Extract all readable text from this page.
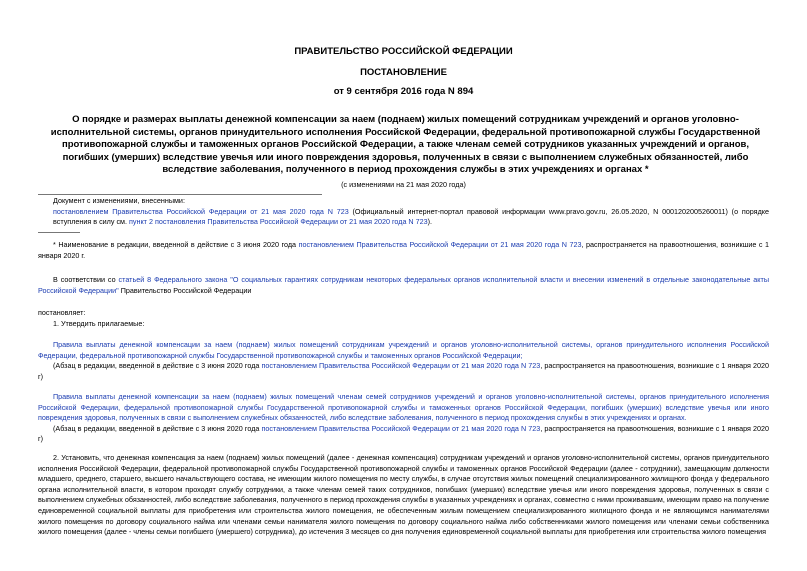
ПРАВИТЕЛЬСТВО РОССИЙСКОЙ ФЕДЕРАЦИИ
ПОСТАНОВЛЕНИЕ
от 9 сентября 2016 года N 894

О порядке и размерах выплаты денежной компенсации за наем (поднаем) жилых помещений сотрудникам учреждений и органов уголовно-исполнительной системы, органов принудительного исполнения Российской Федерации, федеральной противопожарной службы Государственной противопожарной службы и таможенных органов Российской Федерации, а также членам семей сотрудников указанных учреждений и органов, погибших (умерших) вследствие увечья или иного повреждения здоровья, полученных в связи с выполнением служебных обязанностей, либо вследствие заболевания, полученного в период прохождения службы в этих учреждениях и органах *

(с изменениями на 21 мая 2020 года)

Документ с изменениями, внесенными:

постановлением Правительства Российской Федерации от 21 мая 2020 года N 723 (Официальный интернет-портал правовой информации www.pravo.gov.ru, 26.05.2020, N 0001202005260011) (о порядке вступления в силу см. пункт 2 постановления Правительства Российской Федерации от 21 мая 2020 года N 723).

* Наименование в редакции, введенной в действие с 3 июня 2020 года постановлением Правительства Российской Федерации от 21 мая 2020 года N 723, распространяется на правоотношения, возникшие с 1 января 2020 г.
В соответствии со статьей 8 Федерального закона "О социальных гарантиях сотрудникам некоторых федеральных органов исполнительной власти и внесении изменений в отдельные законодательные акты Российской Федерации" Правительство Российской Федерации
постановляет:
1. Утвердить прилагаемые:

Правила выплаты денежной компенсации за наем (поднаем) жилых помещений сотрудникам учреждений и органов уголовно-исполнительной системы, органов принудительного исполнения Российской Федерации, федеральной противопожарной службы Государственной противопожарной службы и таможенных органов Российской Федерации;

(Абзац в редакции, введенной в действие с 3 июня 2020 года постановлением Правительства Российской Федерации от 21 мая 2020 года N 723, распространяется на правоотношения, возникшие с 1 января 2020 г)

Правила выплаты денежной компенсации за наем (поднаем) жилых помещений членам семей сотрудников учреждений и органов уголовно-исполнительной системы, органов принудительного исполнения Российской Федерации, федеральной противопожарной службы Государственной противопожарной службы и таможенных органов Российской Федерации, погибших (умерших) вследствие увечья или иного повреждения здоровья, полученных в связи с выполнением служебных обязанностей, либо вследствие заболевания, полученного в период прохождения службы в этих учреждениях и органах.

(Абзац в редакции, введенной в действие с 3 июня 2020 года постановлением Правительства Российской Федерации от 21 мая 2020 года N 723, распространяется на правоотношения, возникшие с 1 января 2020 г)

2. Установить, что денежная компенсация за наем (поднаем) жилых помещений (далее - денежная компенсация) сотрудникам учреждений и органов уголовно-исполнительной системы, органов принудительного исполнения Российской Федерации, федеральной противопожарной службы Государственной противопожарной службы и таможенных органов Российской Федерации (далее - сотрудники), замещающим должности младшего, среднего, старшего, высшего начальствующего состава, не имеющим жилого помещения по месту службы, в случае отсутствия жилых помещений специализированного жилищного фонда у федерального органа исполнительной власти, в котором проходят службу сотрудники, а также членам семей таких сотрудников, погибших (умерших) вследствие увечья или иного повреждения здоровья, полученных в связи с выполнением служебных обязанностей, либо вследствие заболевания, полученного в период прохождения службы в указанных учреждениях и органах, совместно с ними проживавшим, имеющим право на получение единовременной социальной выплаты для приобретения или строительства жилого помещения, не обеспеченным жилым помещением специализированного жилищного фонда и не являющимся нанимателями жилого помещения по договору социального найма или членами семьи нанимателя жилого помещения по договору социального найма либо собственниками жилого помещения или членами семьи собственника жилого помещения (далее - члены семьи погибшего (умершего) сотрудника), до истечения 3 месяцев со дня получения единовременной социальной выплаты для приобретения или строительства жилого помещения
